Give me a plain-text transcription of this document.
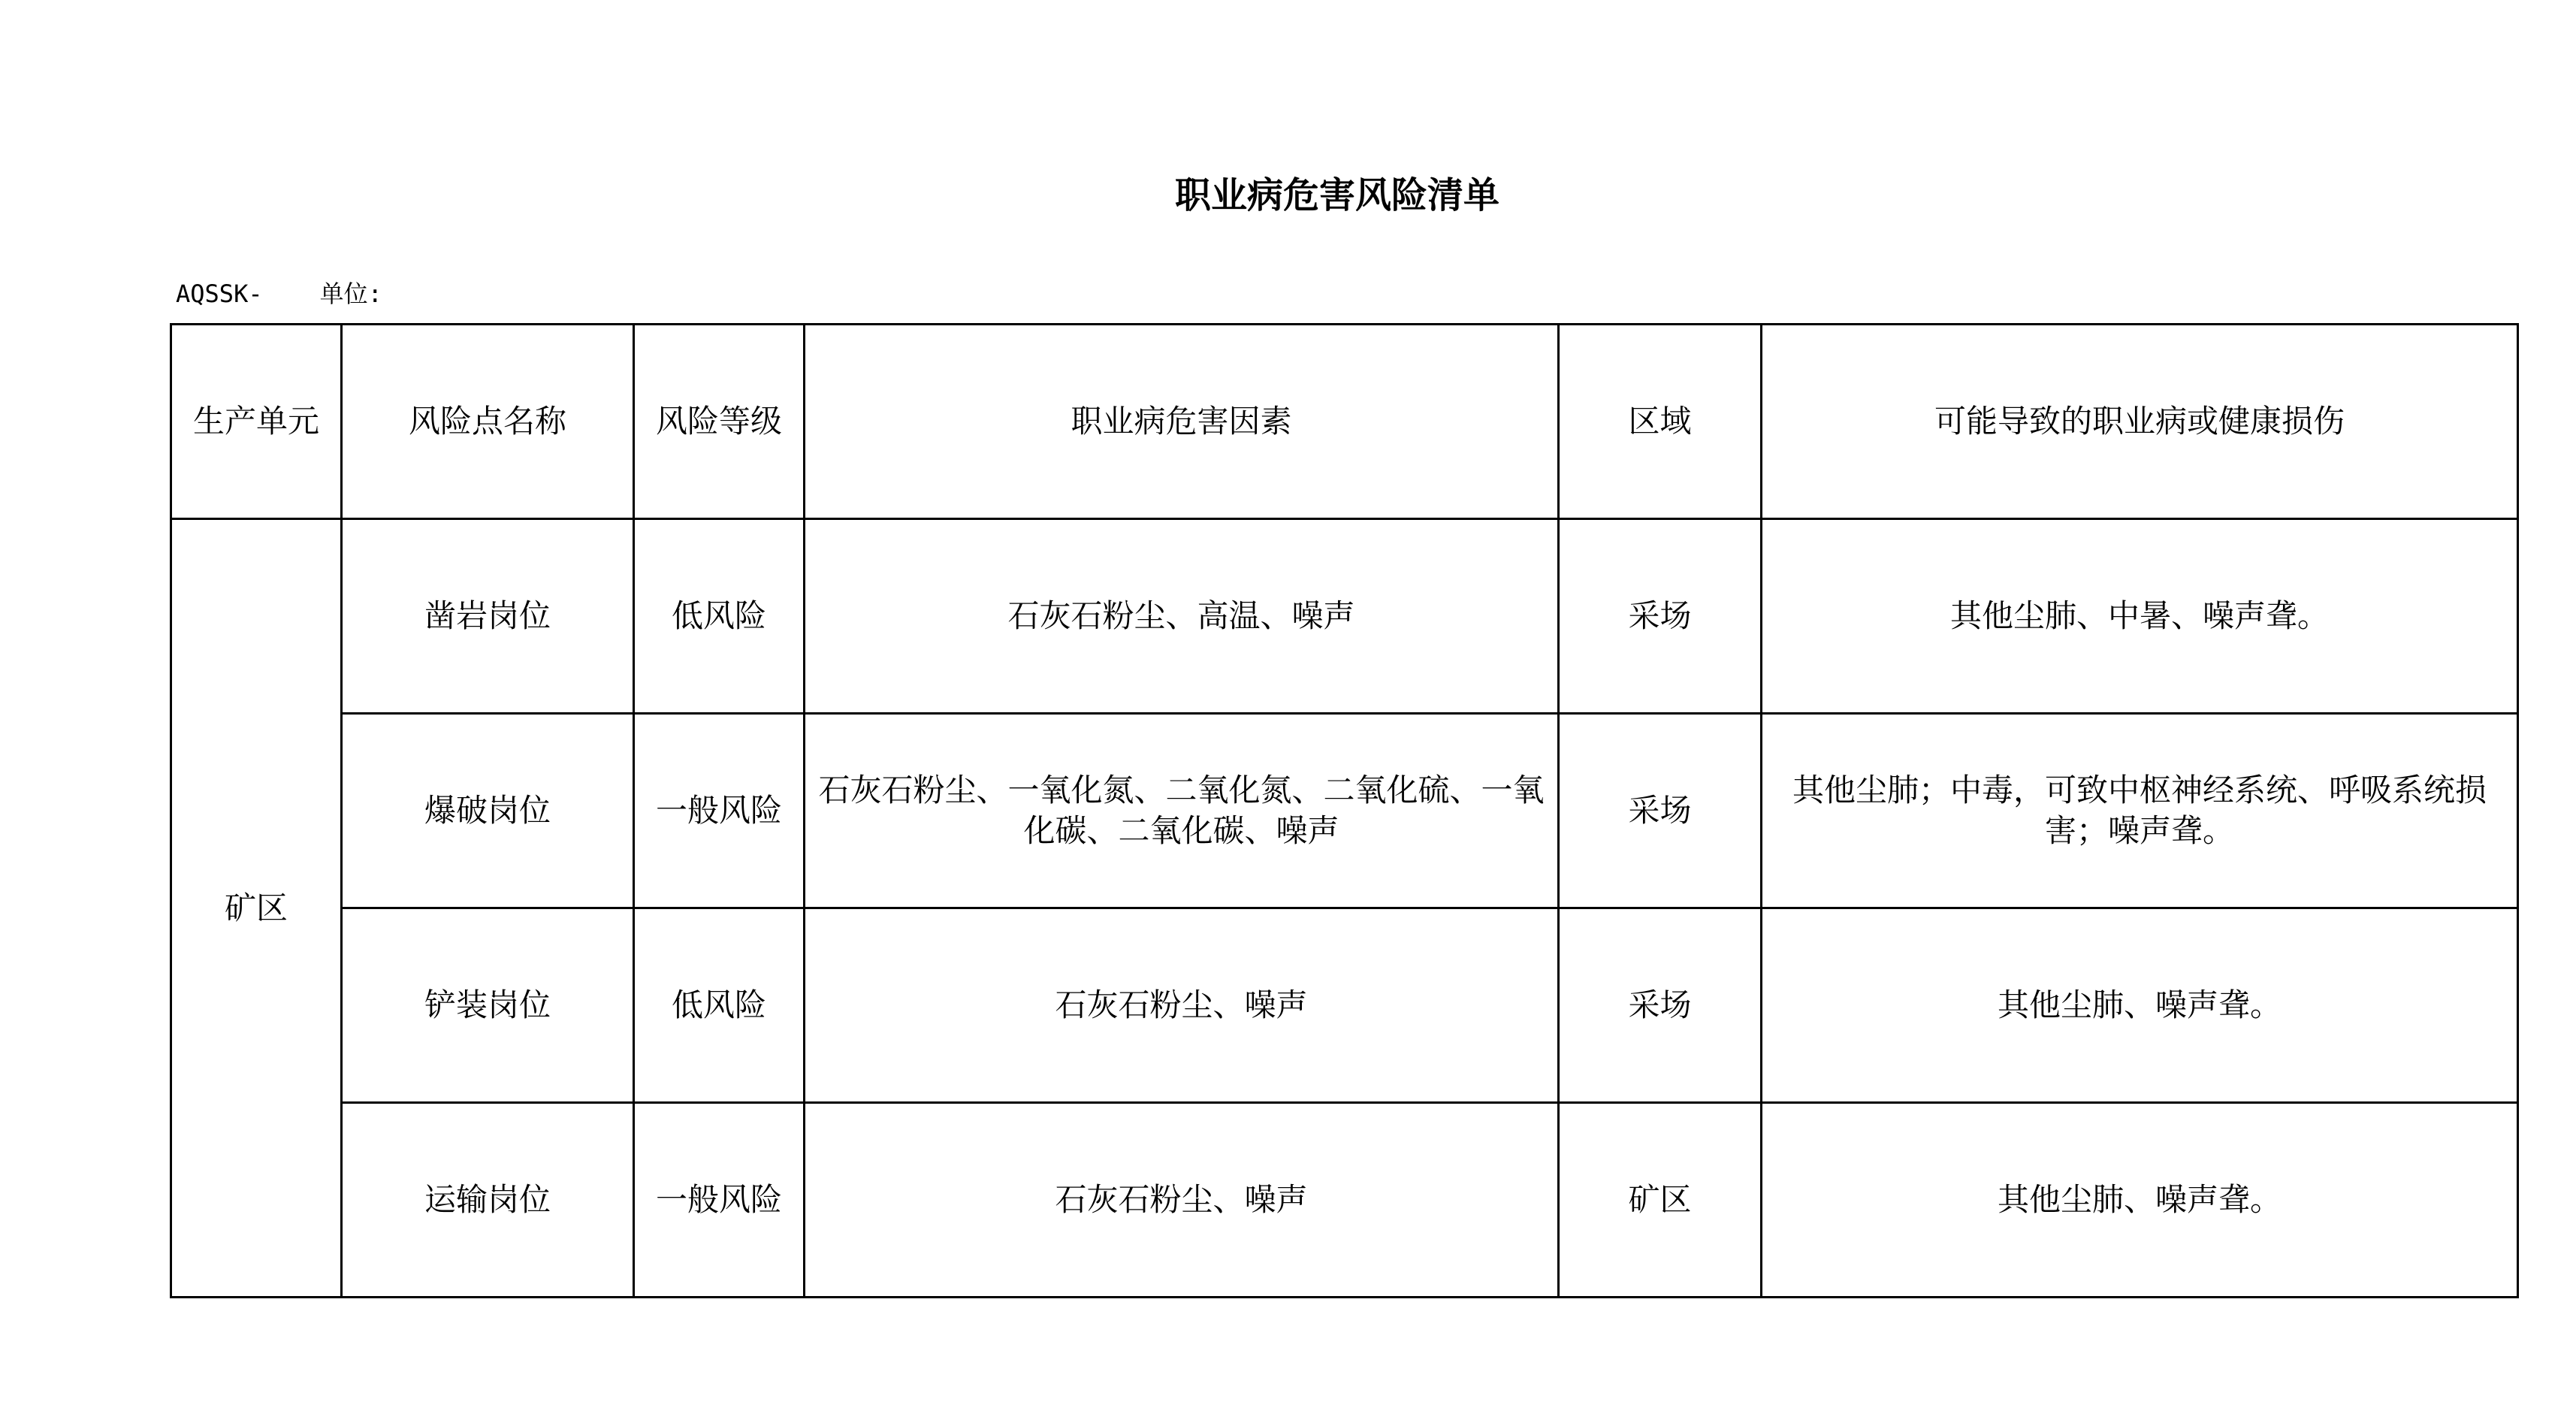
职业病危害风险清单
AQSSK- 单位:
生产单元	风险点名称	风险等级	职业病危害因素	区域	可能导致的职业病或健康损伤
矿区	凿岩岗位	低风险	石灰石粉尘、高温、噪声	采场	其他尘肺、中暑、噪声聋。
	爆破岗位	一般风险	石灰石粉尘、一氧化氮、二氧化氮、二氧化硫、一氧化碳、二氧化碳、噪声	采场	其他尘肺；中毒，可致中枢神经系统、呼吸系统损害；噪声聋。
	铲装岗位	低风险	石灰石粉尘、噪声	采场	其他尘肺、噪声聋。
	运输岗位	一般风险	石灰石粉尘、噪声	矿区	其他尘肺、噪声聋。
